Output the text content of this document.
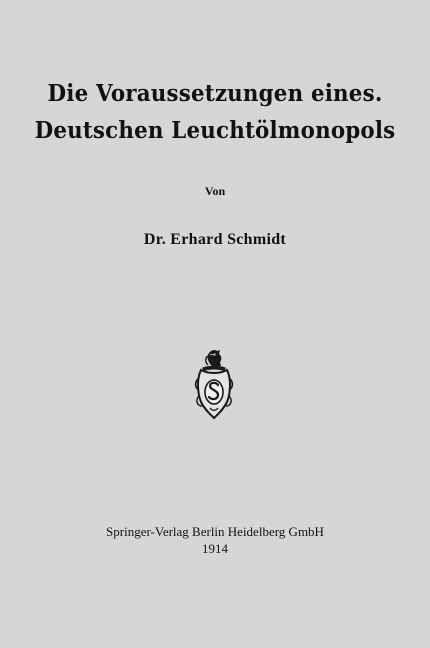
Die Voraussetzungen eines.
Deutschen Leuchtölmonopols
Von
Dr. Erhard Schmidt
Springer-Verlag Berlin Heidelberg GmbH
1914
